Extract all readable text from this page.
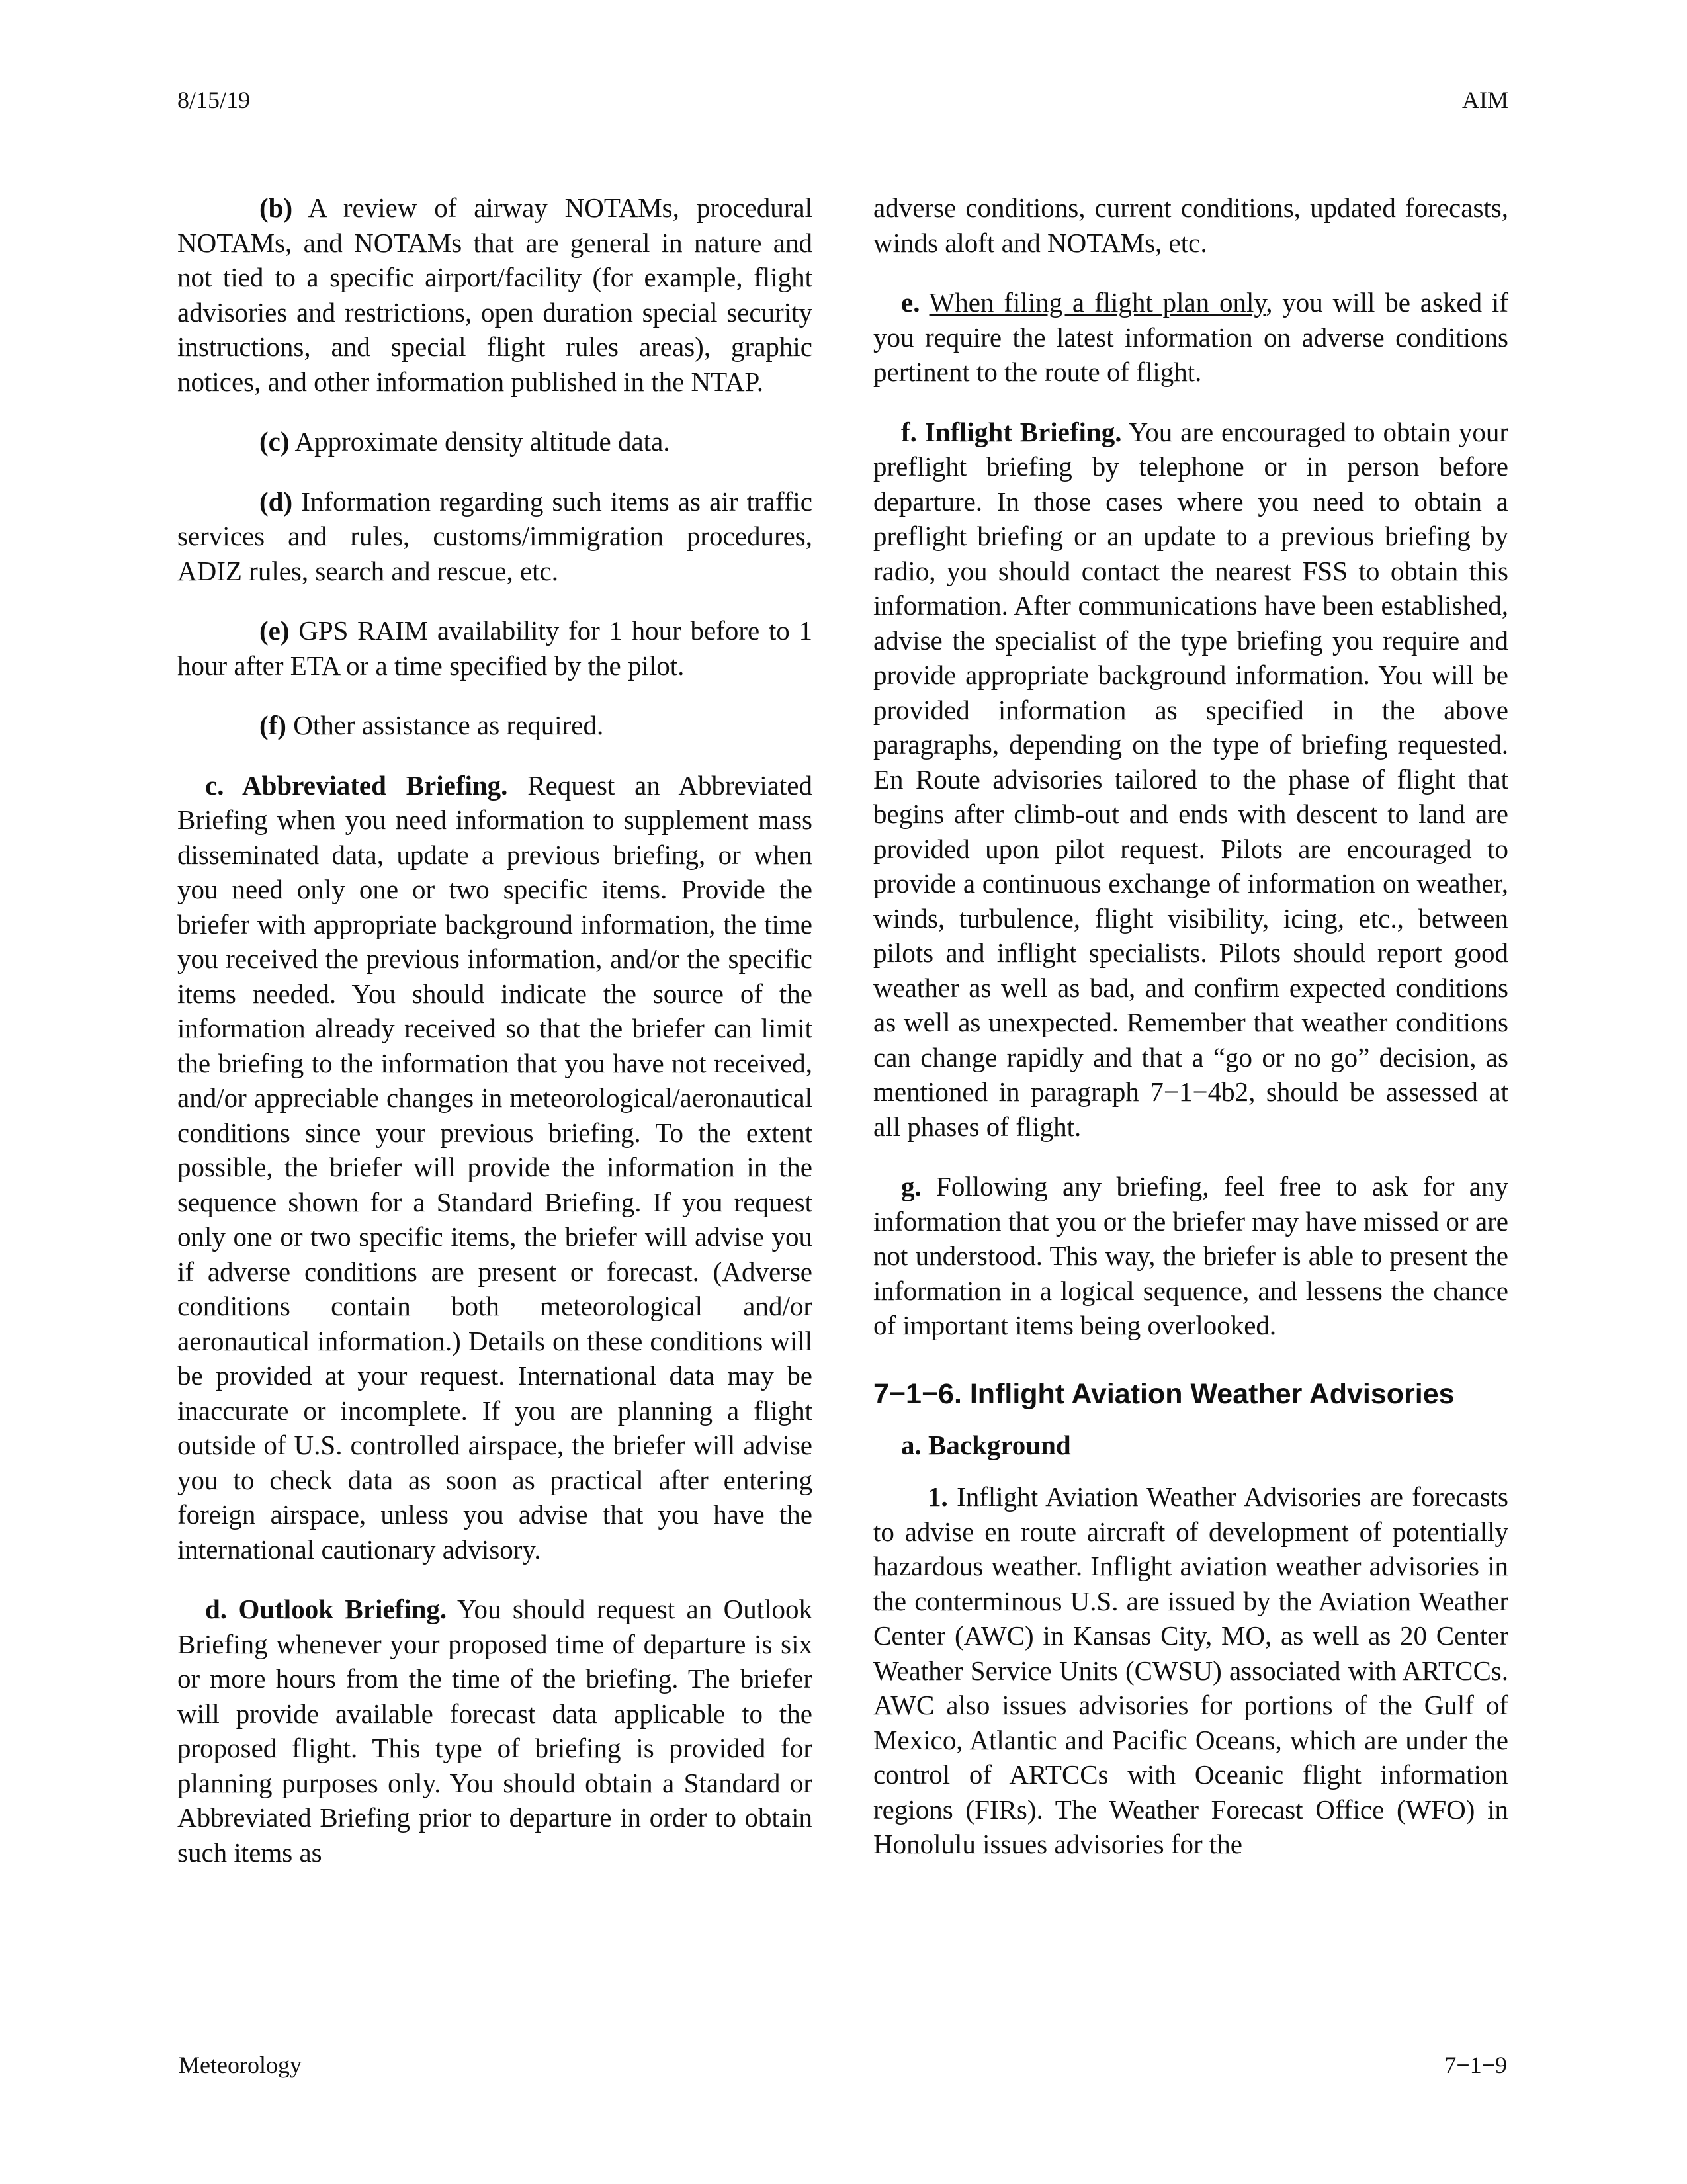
8/15/19	AIM

(b) A review of airway NOTAMs, procedural NOTAMs, and NOTAMs that are general in nature and not tied to a specific airport/facility (for example, flight advisories and restrictions, open duration special security instructions, and special flight rules areas), graphic notices, and other information published in the NTAP.

(c) Approximate density altitude data.

(d) Information regarding such items as air traffic services and rules, customs/immigration procedures, ADIZ rules, search and rescue, etc.

(e) GPS RAIM availability for 1 hour before to 1 hour after ETA or a time specified by the pilot.

(f) Other assistance as required.

c. Abbreviated Briefing. Request an Abbreviated Briefing when you need information to supplement mass disseminated data, update a previous briefing, or when you need only one or two specific items. Provide the briefer with appropriate background information, the time you received the previous information, and/or the specific items needed. You should indicate the source of the information already received so that the briefer can limit the briefing to the information that you have not received, and/or appreciable changes in meteorological/aeronautical conditions since your previous briefing. To the extent possible, the briefer will provide the information in the sequence shown for a Standard Briefing. If you request only one or two specific items, the briefer will advise you if adverse conditions are present or forecast. (Adverse conditions contain both meteorological and/or aeronautical information.) Details on these conditions will be provided at your request. International data may be inaccurate or incomplete. If you are planning a flight outside of U.S. controlled airspace, the briefer will advise you to check data as soon as practical after entering foreign airspace, unless you advise that you have the international cautionary advisory.

d. Outlook Briefing. You should request an Outlook Briefing whenever your proposed time of departure is six or more hours from the time of the briefing. The briefer will provide available forecast data applicable to the proposed flight. This type of briefing is provided for planning purposes only. You should obtain a Standard or Abbreviated Briefing prior to departure in order to obtain such items as

adverse conditions, current conditions, updated forecasts, winds aloft and NOTAMs, etc.

e. When filing a flight plan only, you will be asked if you require the latest information on adverse conditions pertinent to the route of flight.

f. Inflight Briefing. You are encouraged to obtain your preflight briefing by telephone or in person before departure. In those cases where you need to obtain a preflight briefing or an update to a previous briefing by radio, you should contact the nearest FSS to obtain this information. After communications have been established, advise the specialist of the type briefing you require and provide appropriate background information. You will be provided information as specified in the above paragraphs, depending on the type of briefing requested. En Route advisories tailored to the phase of flight that begins after climb-out and ends with descent to land are provided upon pilot request. Pilots are encouraged to provide a continuous exchange of information on weather, winds, turbulence, flight visibility, icing, etc., between pilots and inflight specialists. Pilots should report good weather as well as bad, and confirm expected conditions as well as unexpected. Remember that weather conditions can change rapidly and that a “go or no go” decision, as mentioned in paragraph 7−1−4b2, should be assessed at all phases of flight.

g. Following any briefing, feel free to ask for any information that you or the briefer may have missed or are not understood. This way, the briefer is able to present the information in a logical sequence, and lessens the chance of important items being overlooked.

7−1−6. Inflight Aviation Weather Advisories

a. Background

1. Inflight Aviation Weather Advisories are forecasts to advise en route aircraft of development of potentially hazardous weather. Inflight aviation weather advisories in the conterminous U.S. are issued by the Aviation Weather Center (AWC) in Kansas City, MO, as well as 20 Center Weather Service Units (CWSU) associated with ARTCCs. AWC also issues advisories for portions of the Gulf of Mexico, Atlantic and Pacific Oceans, which are under the control of ARTCCs with Oceanic flight information regions (FIRs). The Weather Forecast Office (WFO) in Honolulu issues advisories for the

Meteorology	7−1−9
